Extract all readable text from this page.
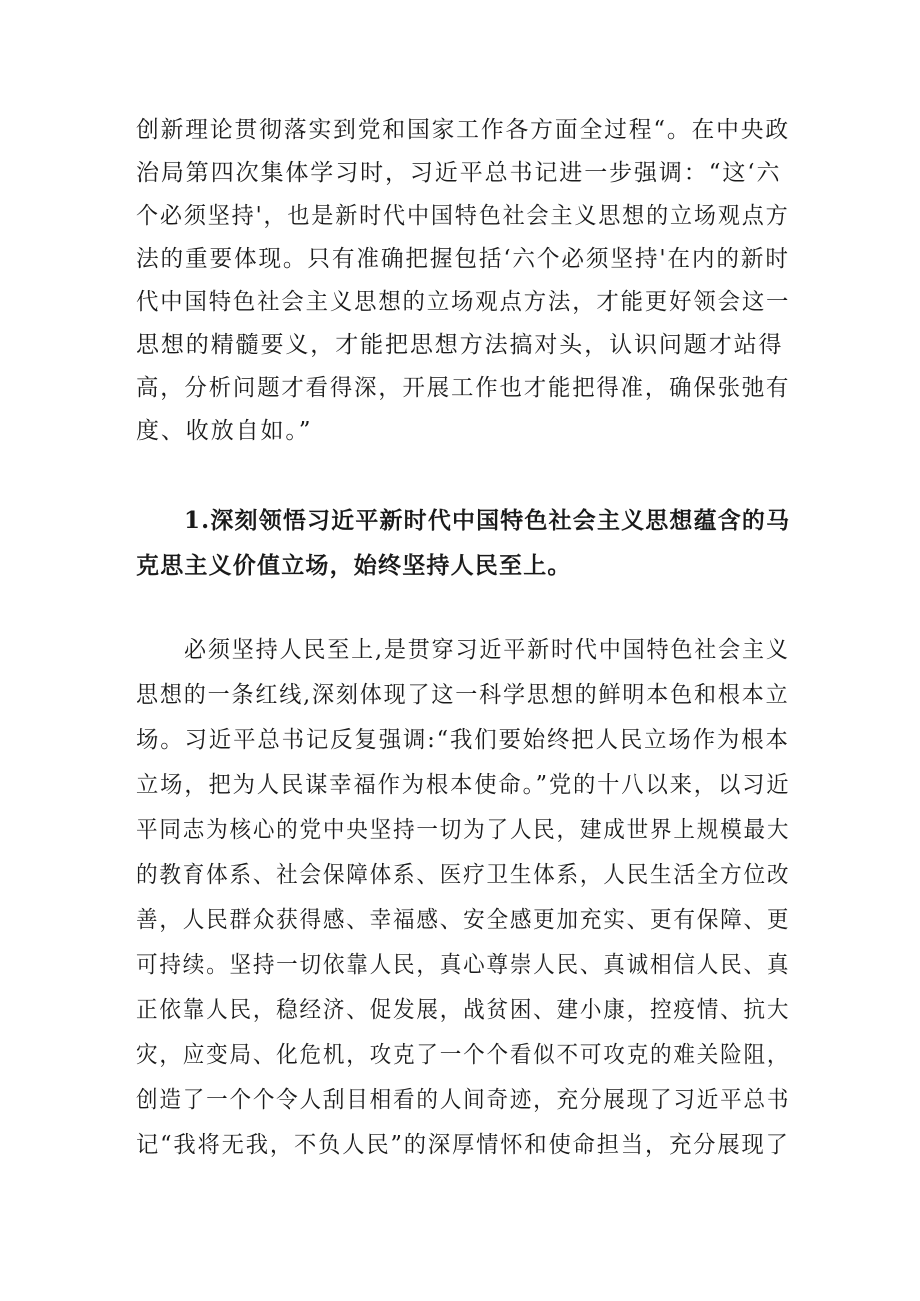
创新理论贯彻落实到党和国家工作各方面全过程“。在中央政
治局第四次集体学习时，习近平总书记进一步强调：“这‘六
个必须坚持'，也是新时代中国特色社会主义思想的立场观点方
法的重要体现。只有准确把握包括‘六个必须坚持'在内的新时
代中国特色社会主义思想的立场观点方法，才能更好领会这一
思想的精髓要义，才能把思想方法搞对头，认识问题才站得
高，分析问题才看得深，开展工作也才能把得准，确保张弛有
度、收放自如。”
1.深刻领悟习近平新时代中国特色社会主义思想蕴含的马
克思主义价值立场，始终坚持人民至上。
必须坚持人民至上,是贯穿习近平新时代中国特色社会主义
思想的一条红线,深刻体现了这一科学思想的鲜明本色和根本立
场。习近平总书记反复强调:“我们要始终把人民立场作为根本
立场，把为人民谋幸福作为根本使命。”党的十八以来，以习近
平同志为核心的党中央坚持一切为了人民，建成世界上规模最大
的教育体系、社会保障体系、医疗卫生体系，人民生活全方位改
善，人民群众获得感、幸福感、安全感更加充实、更有保障、更
可持续。坚持一切依靠人民，真心尊崇人民、真诚相信人民、真
正依靠人民，稳经济、促发展，战贫困、建小康，控疫情、抗大
灾，应变局、化危机，攻克了一个个看似不可攻克的难关险阻，
创造了一个个令人刮目相看的人间奇迹，充分展现了习近平总书
记“我将无我，不负人民”的深厚情怀和使命担当，充分展现了
